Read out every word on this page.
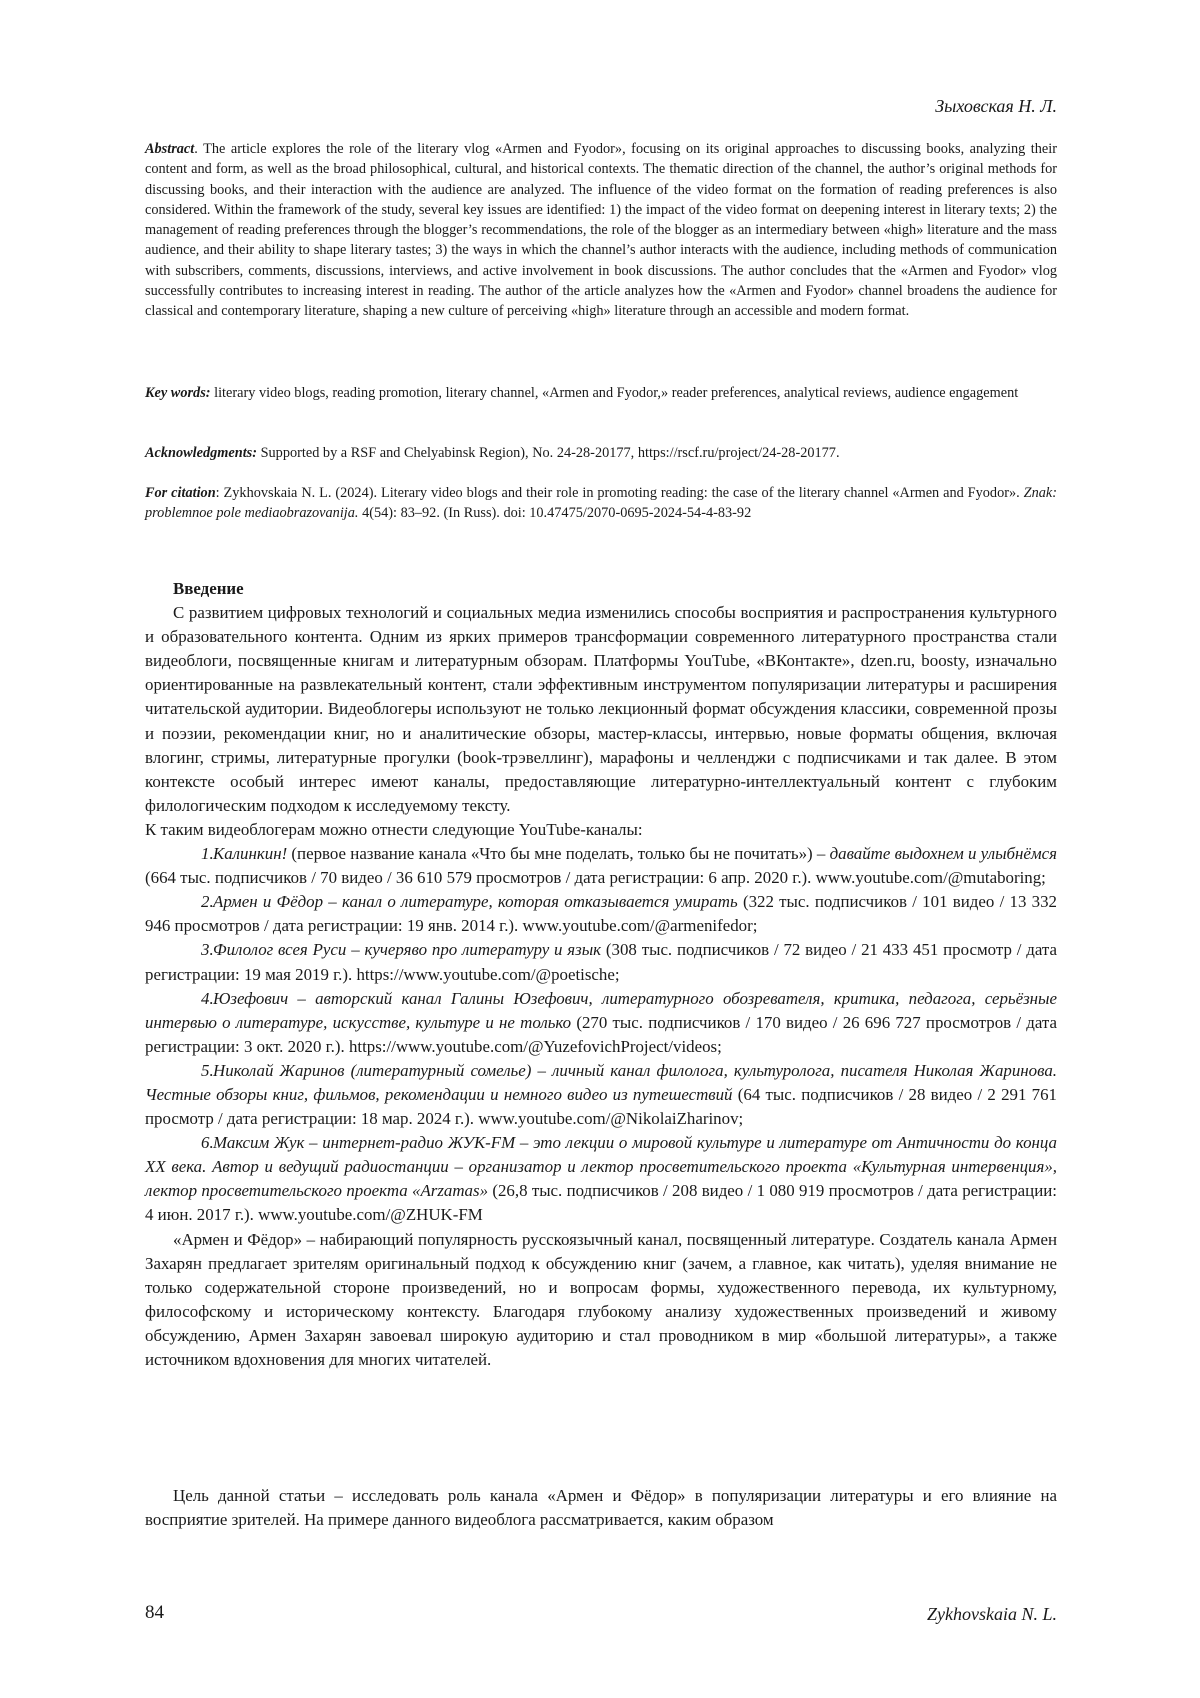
Зыховская Н. Л.
Abstract. The article explores the role of the literary vlog «Armen and Fyodor», focusing on its original approaches to discussing books, analyzing their content and form, as well as the broad philosophical, cultural, and historical contexts. The thematic direction of the channel, the author’s original methods for discussing books, and their interaction with the audience are analyzed. The influence of the video format on the formation of reading preferences is also considered. Within the framework of the study, several key issues are identified: 1) the impact of the video format on deepening interest in literary texts; 2) the management of reading preferences through the blogger’s recommendations, the role of the blogger as an intermediary between «high» literature and the mass audience, and their ability to shape literary tastes; 3) the ways in which the channel’s author interacts with the audience, including methods of communication with subscribers, comments, discussions, interviews, and active involvement in book discussions. The author concludes that the «Armen and Fyodor» vlog successfully contributes to increasing interest in reading. The author of the article analyzes how the «Armen and Fyodor» channel broadens the audience for classical and contemporary literature, shaping a new culture of perceiving «high» literature through an accessible and modern format.
Key words: literary video blogs, reading promotion, literary channel, «Armen and Fyodor,» reader preferences, analytical reviews, audience engagement
Acknowledgments: Supported by a RSF and Chelyabinsk Region), No. 24-28-20177, https://rscf.ru/project/24-28-20177.
For citation: Zykhovskaia N. L. (2024). Literary video blogs and their role in promoting reading: the case of the literary channel «Armen and Fyodor». Znak: problemnoe pole mediaobrazovanija. 4(54): 83–92. (In Russ). doi: 10.47475/2070-0695-2024-54-4-83-92
Введение

С развитием цифровых технологий и социальных медиа изменились способы восприятия и распространения культурного и образовательного контента. Одним из ярких примеров трансформации современного литературного пространства стали видеоблоги, посвященные книгам и литературным обзорам. Платформы YouTube, «ВКонтакте», dzen.ru, boosty, изначально ориентированные на развлекательный контент, стали эффективным инструментом популяризации литературы и расширения читательской аудитории. Видеоблогеры используют не только лекционный формат обсуждения классики, современной прозы и поэзии, рекомендации книг, но и аналитические обзоры, мастер-классы, интервью, новые форматы общения, включая влогинг, стримы, литературные прогулки (book-трэвеллинг), марафоны и челленджи с подписчиками и так далее. В этом контексте особый интерес имеют каналы, предоставляющие литературно-интеллектуальный контент с глубоким филологическим подходом к исследуемому тексту.

К таким видеоблогерам можно отнести следующие YouTube-каналы:

1.Калинкин! (первое название канала «Что бы мне поделать, только бы не почитать») – давайте выдохнем и улыбнёмся (664 тыс. подписчиков / 70 видео / 36 610 579 просмотров / дата регистрации: 6 апр. 2020 г.). www.youtube.com/@mutaboring;

2.Армен и Фёдор – канал о литературе, которая отказывается умирать (322 тыс. подписчиков / 101 видео / 13 332 946 просмотров / дата регистрации: 19 янв. 2014 г.). www.youtube.com/@armenifedor;

3.Филолог всея Руси – кучеряво про литературу и язык (308 тыс. подписчиков / 72 видео / 21 433 451 просмотр / дата регистрации: 19 мая 2019 г.). https://www.youtube.com/@poetische;

4.Юзефович – авторский канал Галины Юзефович, литературного обозревателя, критика, педагога, серьёзные интервью о литературе, искусстве, культуре и не только (270 тыс. подписчиков / 170 видео / 26 696 727 просмотров / дата регистрации: 3 окт. 2020 г.). https://www.youtube.com/@YuzefovichProject/videos;

5.Николай Жаринов (литературный сомелье) – личный канал филолога, культуролога, писателя Николая Жаринова. Честные обзоры книг, фильмов, рекомендации и немного видео из путешествий (64 тыс. подписчиков / 28 видео / 2 291 761 просмотр / дата регистрации: 18 мар. 2024 г.). www.youtube.com/@NikolaiZharinov;

6.Максим Жук – интернет-радио ЖУК-FM – это лекции о мировой культуре и литературе от Античности до конца XX века. Автор и ведущий радиостанции – организатор и лектор просветительского проекта «Культурная интервенция», лектор просветительского проекта «Arzamas» (26,8 тыс. подписчиков / 208 видео / 1 080 919 просмотров / дата регистрации: 4 июн. 2017 г.). www.youtube.com/@ZHUK-FM

«Армен и Фёдор» – набирающий популярность русскоязычный канал, посвященный литературе. Создатель канала Армен Захарян предлагает зрителям оригинальный подход к обсуждению книг (зачем, а главное, как читать), уделяя внимание не только содержательной стороне произведений, но и вопросам формы, художественного перевода, их культурному, философскому и историческому контексту. Благодаря глубокому анализу художественных произведений и живому обсуждению, Армен Захарян завоевал широкую аудиторию и стал проводником в мир «большой литературы», а также источником вдохновения для многих читателей.

Цель данной статьи – исследовать роль канала «Армен и Фёдор» в популяризации литературы и его влияние на восприятие зрителей. На примере данного видеоблога рассматривается, каким образом

84	Zykhovskaia N. L.
